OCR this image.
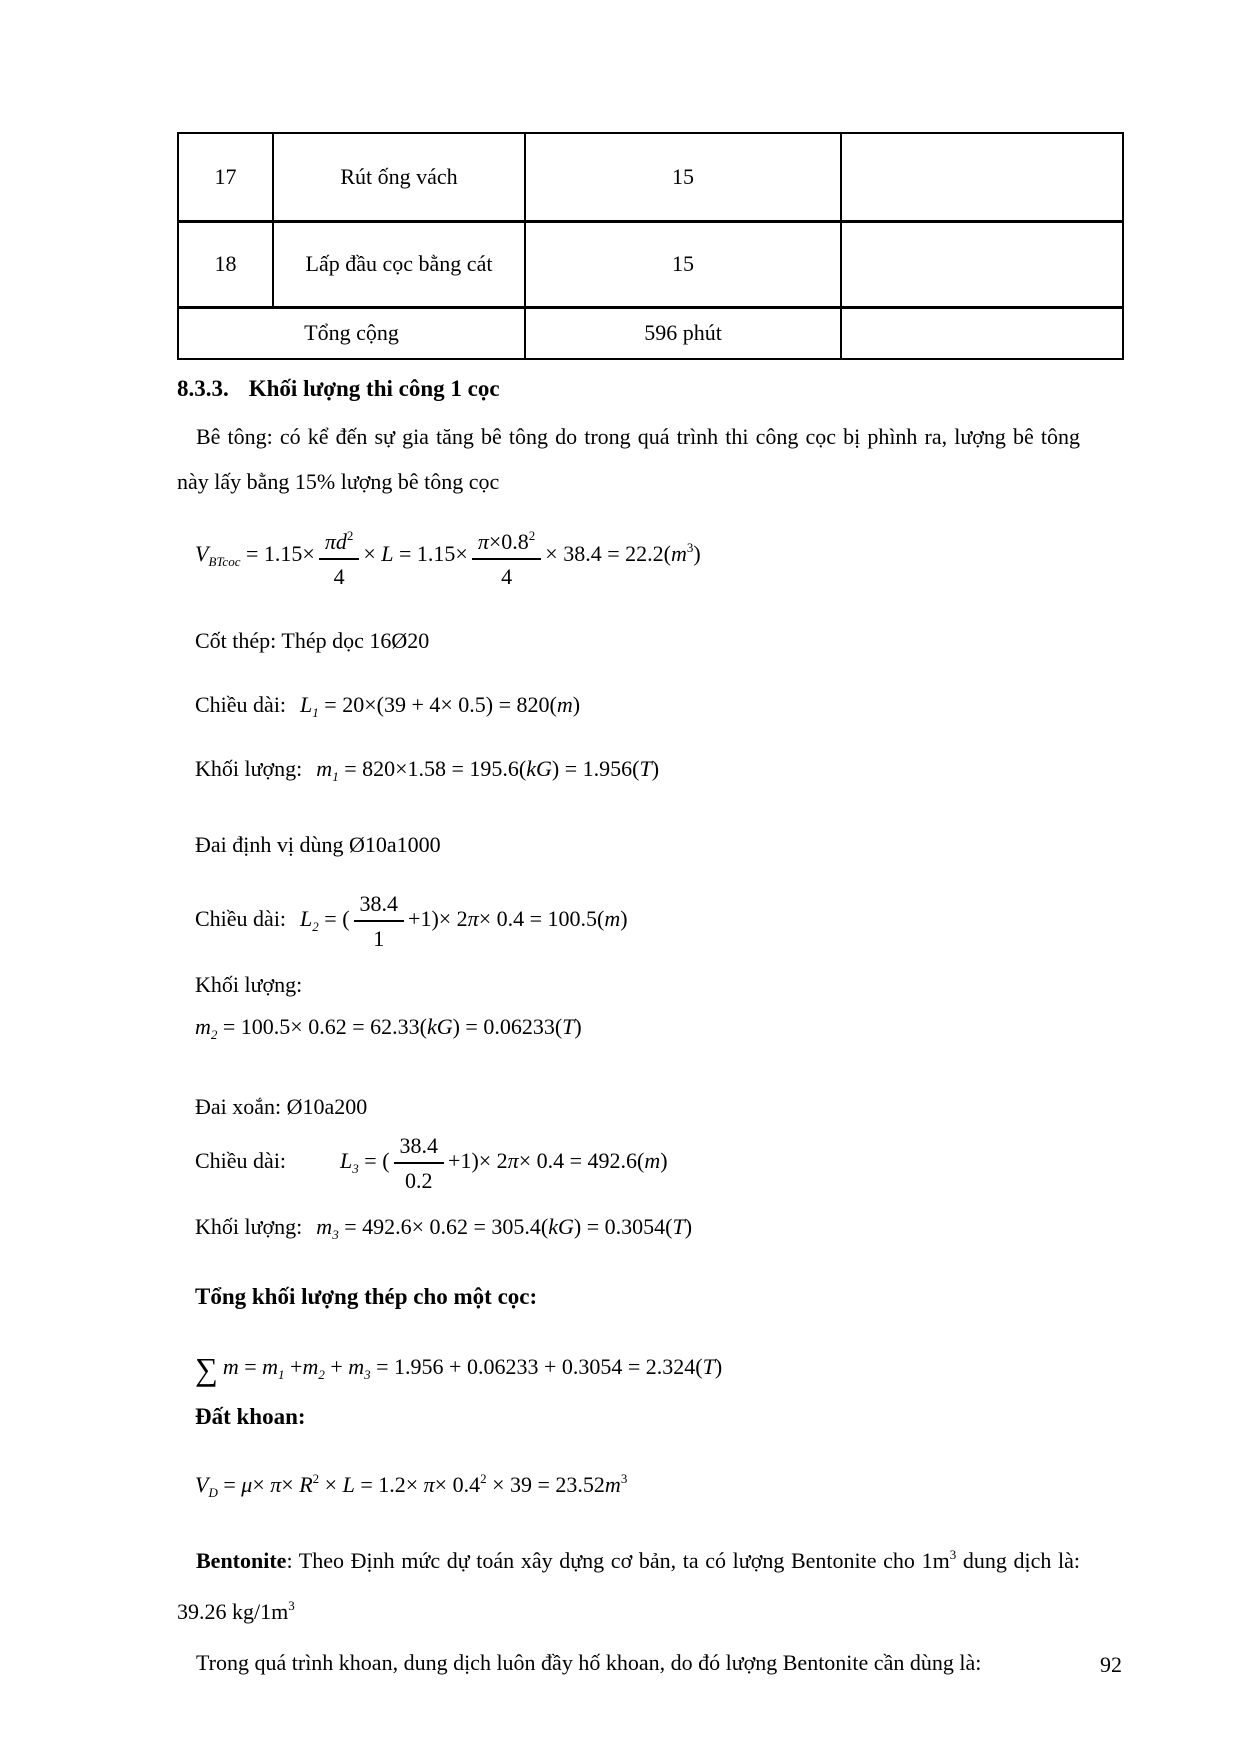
17	Rút ống vách	15	
18	Lấp đầu cọc bằng cát	15	
Tổng cộng		596 phút	
8.3.3. Khối lượng thi công 1 cọc
Bê tông: có kể đến sự gia tăng bê tông do trong quá trình thi công cọc bị phình ra, lượng bê tông này lấy bằng 15% lượng bê tông cọc
$V_{BTcoc} = 1.15\times \frac{\pi d^2}{4} \times L = 1.15\times \frac{\pi\times 0.8^2}{4} \times 38.4 = 22.2(m^3)$
Cốt thép: Thép dọc 16Ø20
Chiều dài: $L_1 = 20\times(39 + 4\times 0.5) = 820(m)$
Khối lượng: $m_1 = 820\times 1.58 = 195.6(kG) = 1.956(T)$
Đai định vị dùng Ø10a1000
Chiều dài: $L_2$ = ( $\frac{38.4}{1} +1)\times 2\pi\times 0.4 = 100.5(m)$
Khối lượng:
$m_2 = 100.5\times 0.62 = 62.33(kG) = 0.06233(T)$
Đai xoắn: Ø10a200
Chiều dài: $L_3$ = ( $\frac{38.4}{0.2} +1)\times 2\pi\times 0.4 = 492.6(m)$
Khối lượng: $m_3 = 492.6\times 0.62 = 305.4(kG) = 0.3054(T)$
Tổng khối lượng thép cho một cọc:
∑ $m = m_1 +m_2 + m_3 = 1.956 + 0.06233 + 0.3054 = 2.324(T)$
Đất khoan:
$V_D = \mu\times \pi\times R^2 \times L = 1.2\times \pi\times 0.4^2 \times 39 = 23.52m^3$
Bentonite: Theo Định mức dự toán xây dựng cơ bản, ta có lượng Bentonite cho $1m^3$ dung dịch là: 39.26 $kg/1m^3$
Trong quá trình khoan, dung dịch luôn đầy hố khoan, do đó lượng Bentonite cần dùng là:	92
